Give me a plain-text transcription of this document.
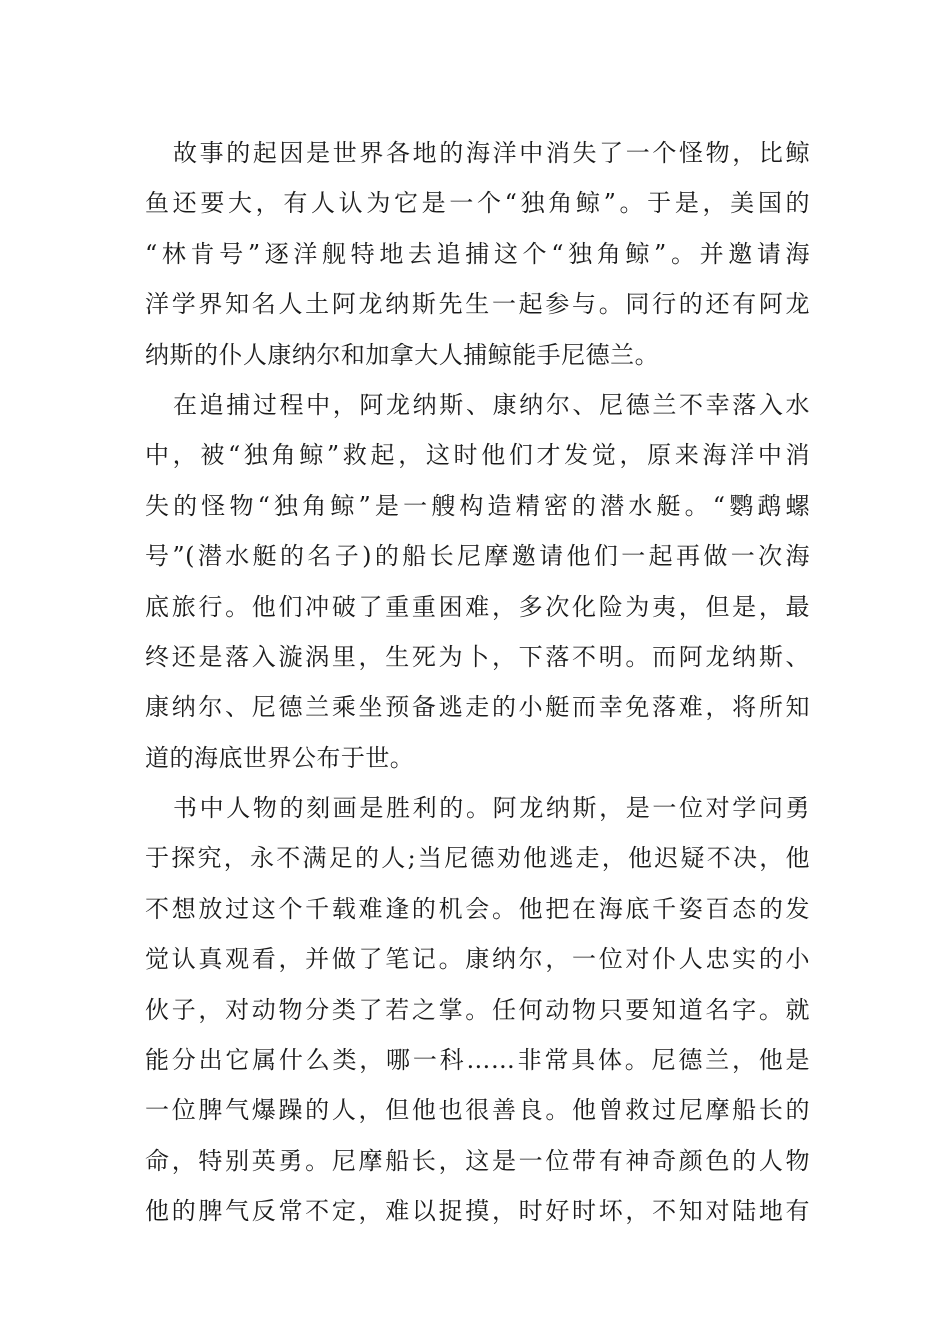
故事的起因是世界各地的海洋中消失了一个怪物，比鲸
鱼还要大，有人认为它是一个“独角鲸”。于是，美国的
“林肯号”逐洋舰特地去追捕这个“独角鲸”。并邀请海
洋学界知名人土阿龙纳斯先生一起参与。同行的还有阿龙
纳斯的仆人康纳尔和加拿大人捕鲸能手尼德兰。
在追捕过程中，阿龙纳斯、康纳尔、尼德兰不幸落入水
中，被“独角鲸”救起，这时他们才发觉，原来海洋中消
失的怪物“独角鲸”是一艘构造精密的潜水艇。“鹦鹉螺
号”(潜水艇的名子)的船长尼摩邀请他们一起再做一次海
底旅行。他们冲破了重重困难，多次化险为夷，但是，最
终还是落入漩涡里，生死为卜，下落不明。而阿龙纳斯、
康纳尔、尼德兰乘坐预备逃走的小艇而幸免落难，将所知
道的海底世界公布于世。
书中人物的刻画是胜利的。阿龙纳斯，是一位对学问勇
于探究，永不满足的人;当尼德劝他逃走，他迟疑不决，他
不想放过这个千载难逢的机会。他把在海底千姿百态的发
觉认真观看，并做了笔记。康纳尔，一位对仆人忠实的小
伙子，对动物分类了若之掌。任何动物只要知道名字。就
能分出它属什么类，哪一科……非常具体。尼德兰，他是
一位脾气爆躁的人，但他也很善良。他曾救过尼摩船长的
命，特别英勇。尼摩船长，这是一位带有神奇颜色的人物
他的脾气反常不定，难以捉摸，时好时坏，不知对陆地有
